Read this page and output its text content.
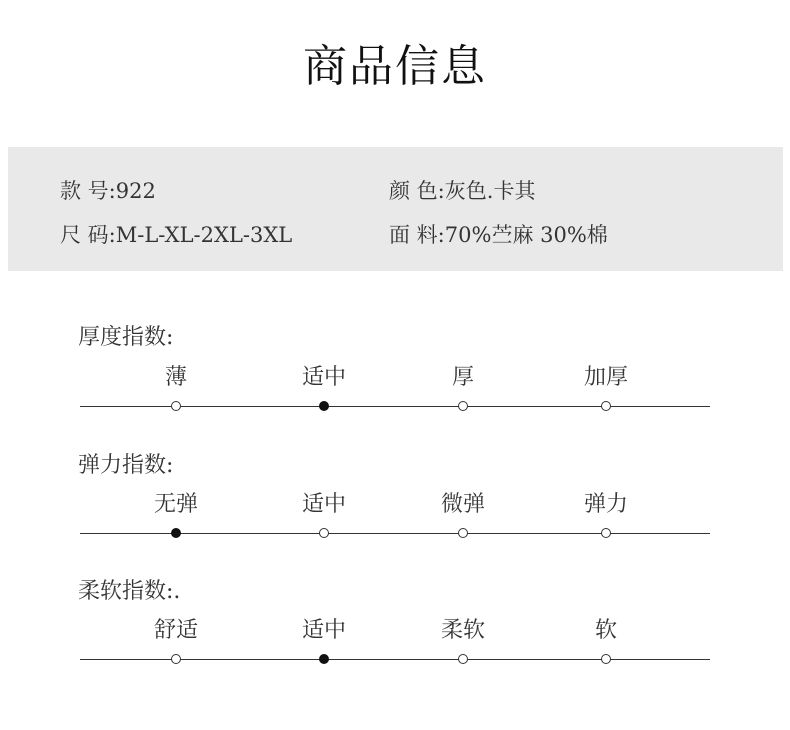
商品信息
款 号:922
尺 码:M-L-XL-2XL-3XL
颜 色:灰色.卡其
面 料:70%苎麻 30%棉
厚度指数:
薄	适中	厚	加厚
弹力指数:
无弹	适中	微弹	弹力
柔软指数:.
舒适	适中	柔软	软
